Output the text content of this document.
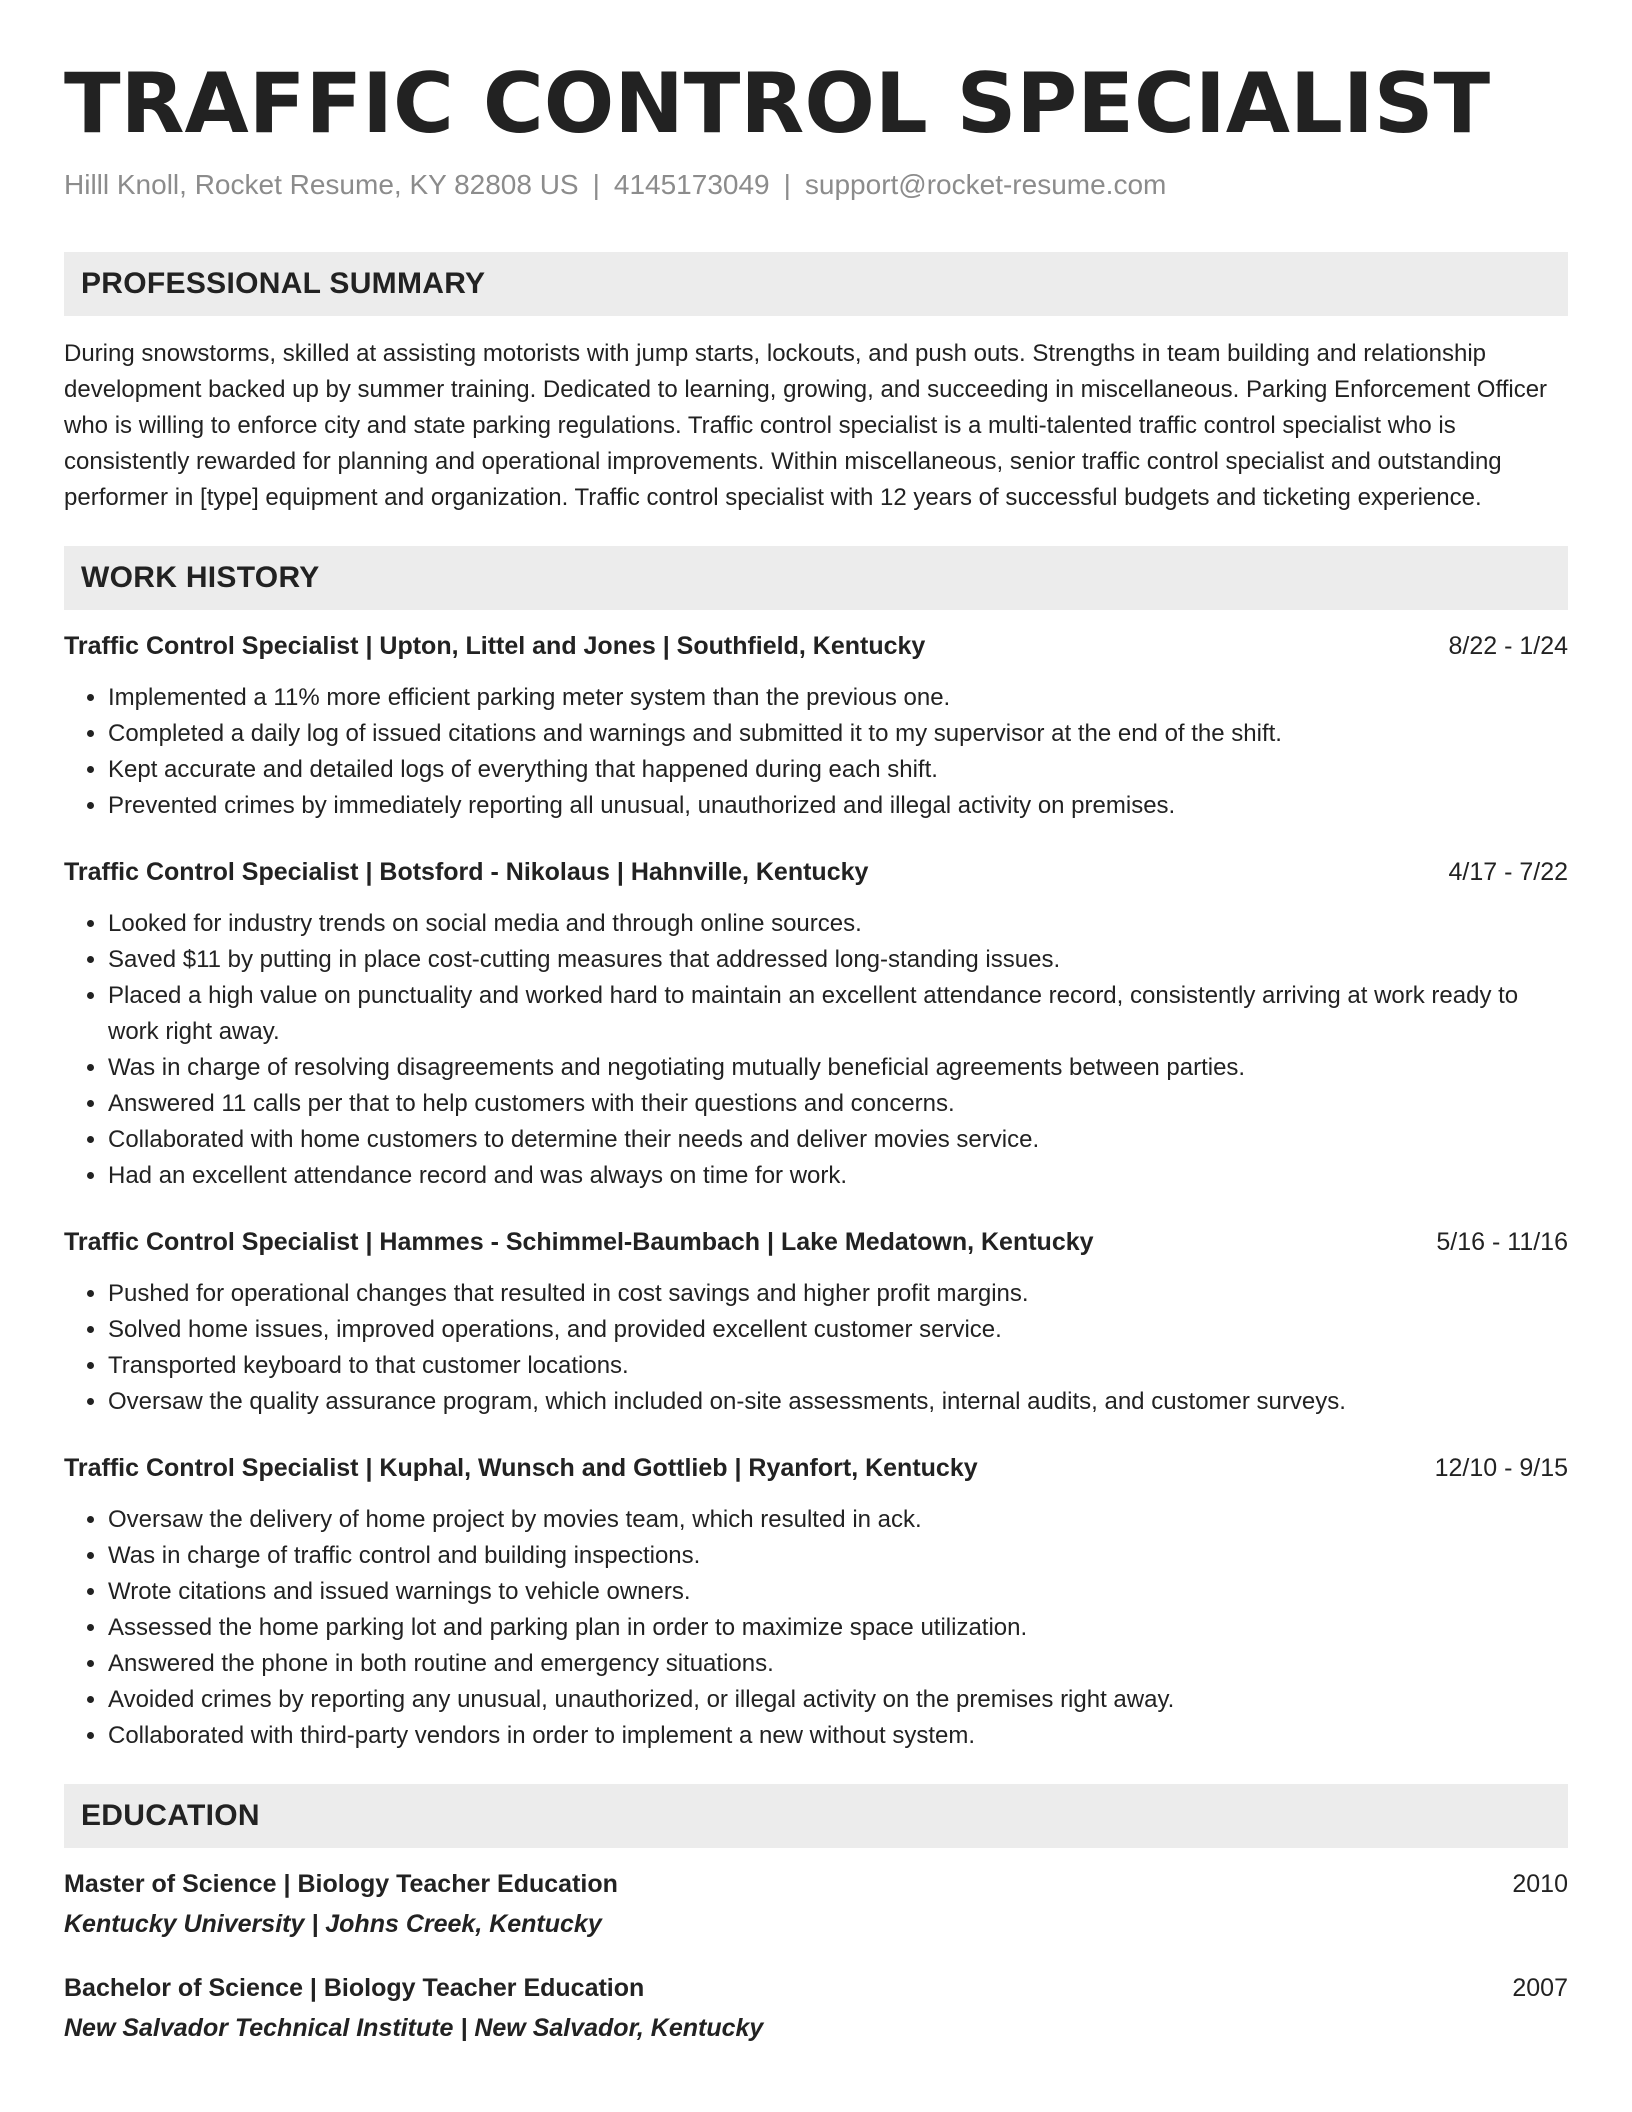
TRAFFIC CONTROL SPECIALIST
Hilll Knoll, Rocket Resume, KY 82808 US | 4145173049 | support@rocket-resume.com
PROFESSIONAL SUMMARY
During snowstorms, skilled at assisting motorists with jump starts, lockouts, and push outs. Strengths in team building and relationship development backed up by summer training. Dedicated to learning, growing, and succeeding in miscellaneous. Parking Enforcement Officer who is willing to enforce city and state parking regulations. Traffic control specialist is a multi-talented traffic control specialist who is consistently rewarded for planning and operational improvements. Within miscellaneous, senior traffic control specialist and outstanding performer in [type] equipment and organization. Traffic control specialist with 12 years of successful budgets and ticketing experience.
WORK HISTORY
Traffic Control Specialist | Upton, Littel and Jones | Southfield, Kentucky	8/22 - 1/24
• Implemented a 11% more efficient parking meter system than the previous one.
• Completed a daily log of issued citations and warnings and submitted it to my supervisor at the end of the shift.
• Kept accurate and detailed logs of everything that happened during each shift.
• Prevented crimes by immediately reporting all unusual, unauthorized and illegal activity on premises.
Traffic Control Specialist | Botsford - Nikolaus | Hahnville, Kentucky	4/17 - 7/22
• Looked for industry trends on social media and through online sources.
• Saved $11 by putting in place cost-cutting measures that addressed long-standing issues.
• Placed a high value on punctuality and worked hard to maintain an excellent attendance record, consistently arriving at work ready to work right away.
• Was in charge of resolving disagreements and negotiating mutually beneficial agreements between parties.
• Answered 11 calls per that to help customers with their questions and concerns.
• Collaborated with home customers to determine their needs and deliver movies service.
• Had an excellent attendance record and was always on time for work.
Traffic Control Specialist | Hammes - Schimmel-Baumbach | Lake Medatown, Kentucky	5/16 - 11/16
• Pushed for operational changes that resulted in cost savings and higher profit margins.
• Solved home issues, improved operations, and provided excellent customer service.
• Transported keyboard to that customer locations.
• Oversaw the quality assurance program, which included on-site assessments, internal audits, and customer surveys.
Traffic Control Specialist | Kuphal, Wunsch and Gottlieb | Ryanfort, Kentucky	12/10 - 9/15
• Oversaw the delivery of home project by movies team, which resulted in ack.
• Was in charge of traffic control and building inspections.
• Wrote citations and issued warnings to vehicle owners.
• Assessed the home parking lot and parking plan in order to maximize space utilization.
• Answered the phone in both routine and emergency situations.
• Avoided crimes by reporting any unusual, unauthorized, or illegal activity on the premises right away.
• Collaborated with third-party vendors in order to implement a new without system.
EDUCATION
Master of Science | Biology Teacher Education	2010
Kentucky University | Johns Creek, Kentucky
Bachelor of Science | Biology Teacher Education	2007
New Salvador Technical Institute | New Salvador, Kentucky
